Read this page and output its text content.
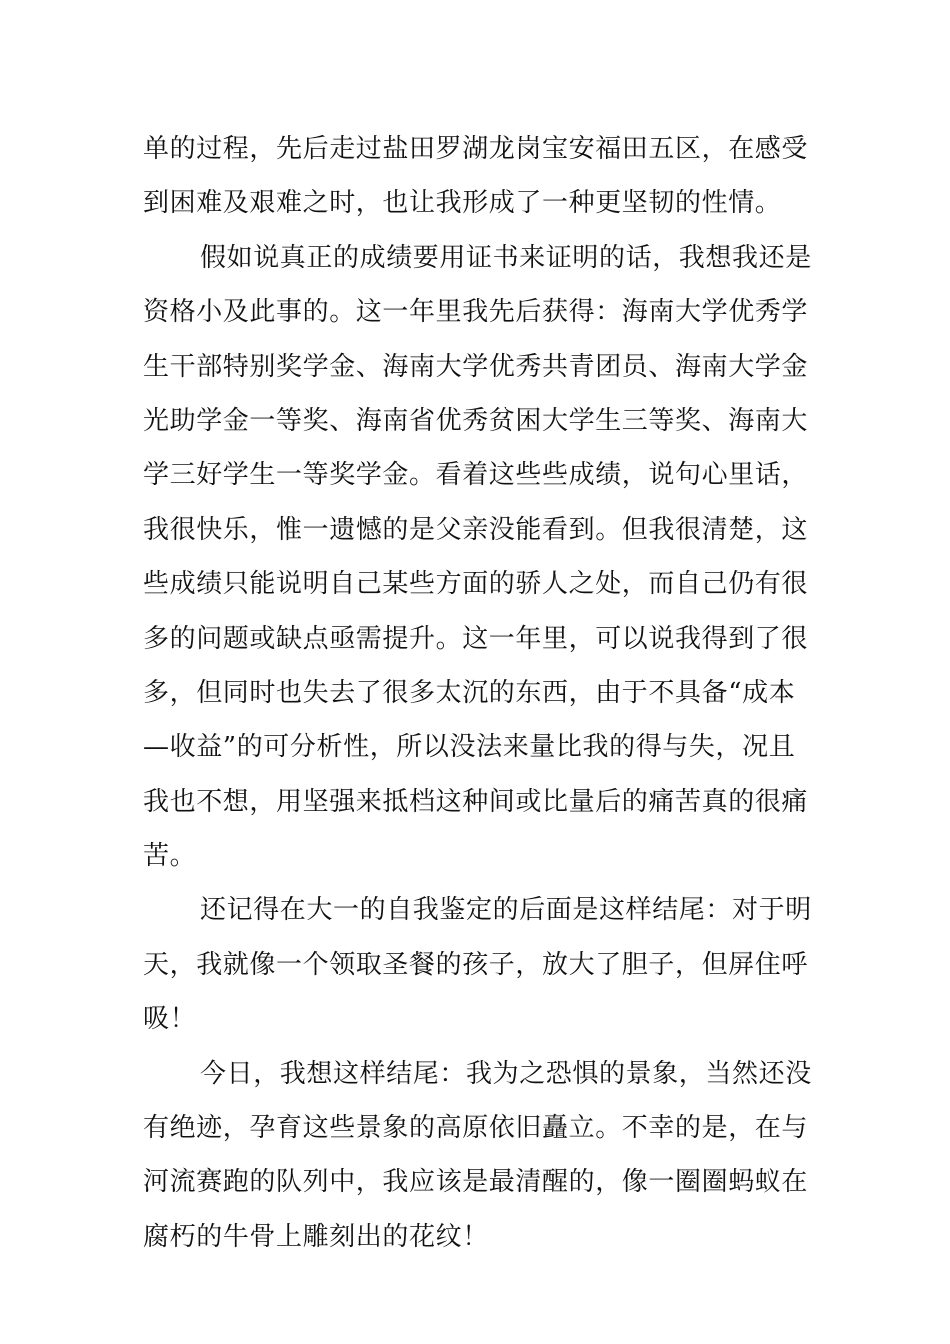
单的过程，先后走过盐田罗湖龙岗宝安福田五区，在感受
到困难及艰难之时，也让我形成了一种更坚韧的性情。
假如说真正的成绩要用证书来证明的话，我想我还是
资格小及此事的。这一年里我先后获得：海南大学优秀学
生干部特别奖学金、海南大学优秀共青团员、海南大学金
光助学金一等奖、海南省优秀贫困大学生三等奖、海南大
学三好学生一等奖学金。看着这些些成绩，说句心里话，
我很快乐，惟一遗憾的是父亲没能看到。但我很清楚，这
些成绩只能说明自己某些方面的骄人之处，而自己仍有很
多的问题或缺点亟需提升。这一年里，可以说我得到了很
多，但同时也失去了很多太沉的东西，由于不具备“成本
—收益”的可分析性，所以没法来量比我的得与失，况且
我也不想，用坚强来抵档这种间或比量后的痛苦真的很痛
苦。
还记得在大一的自我鉴定的后面是这样结尾：对于明
天，我就像一个领取圣餐的孩子，放大了胆子，但屏住呼
吸！
今日，我想这样结尾：我为之恐惧的景象，当然还没
有绝迹，孕育这些景象的高原依旧矗立。不幸的是，在与
河流赛跑的队列中，我应该是最清醒的，像一圈圈蚂蚁在
腐朽的牛骨上雕刻出的花纹！
